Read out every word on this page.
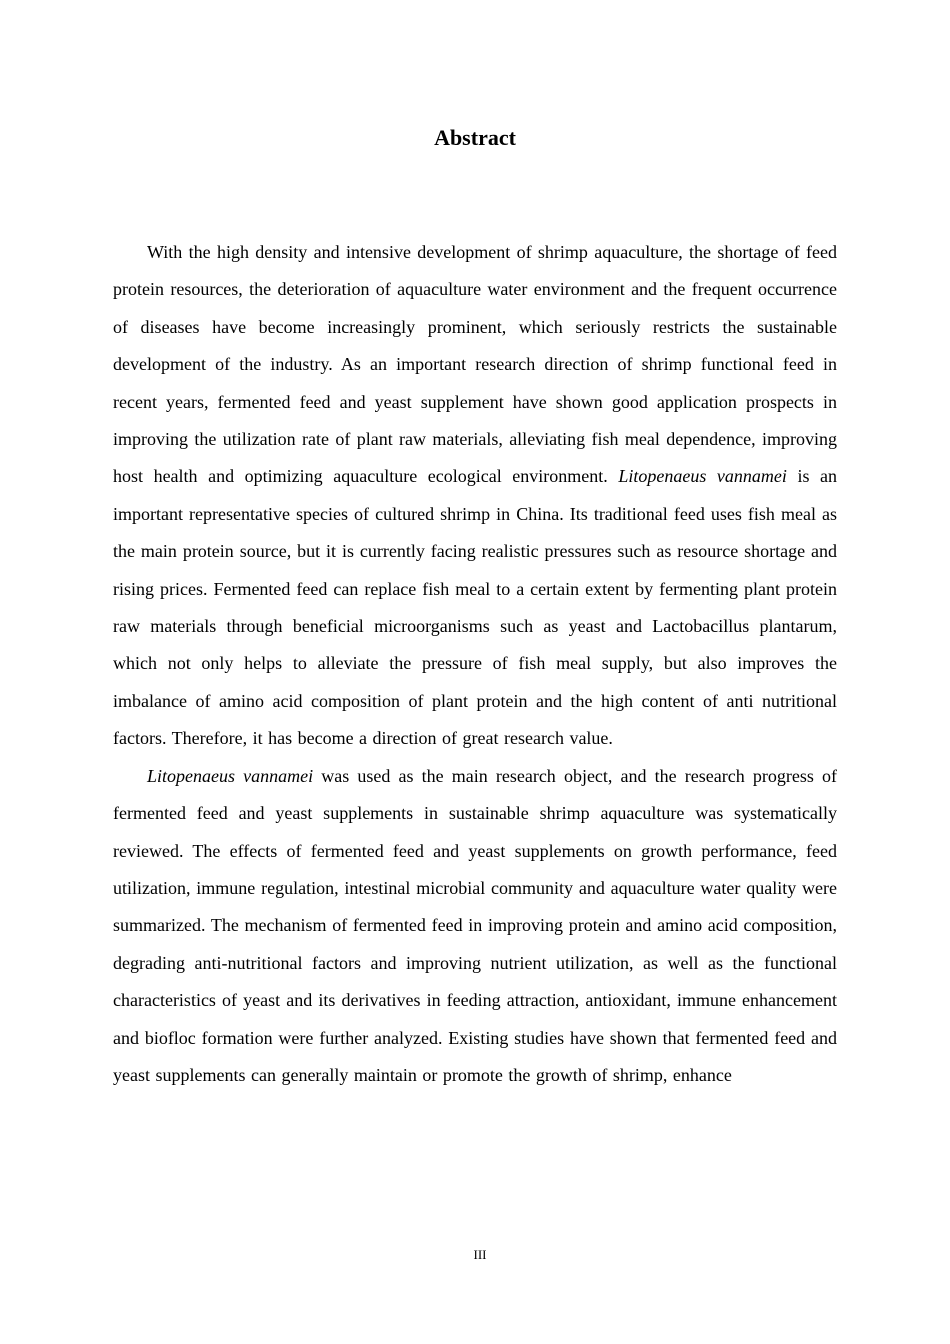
Abstract

With the high density and intensive development of shrimp aquaculture, the shortage of feed protein resources, the deterioration of aquaculture water environment and the frequent occurrence of diseases have become increasingly prominent, which seriously restricts the sustainable development of the industry. As an important research direction of shrimp functional feed in recent years, fermented feed and yeast supplement have shown good application prospects in improving the utilization rate of plant raw materials, alleviating fish meal dependence, improving host health and optimizing aquaculture ecological environment. Litopenaeus vannamei is an important representative species of cultured shrimp in China. Its traditional feed uses fish meal as the main protein source, but it is currently facing realistic pressures such as resource shortage and rising prices. Fermented feed can replace fish meal to a certain extent by fermenting plant protein raw materials through beneficial microorganisms such as yeast and Lactobacillus plantarum, which not only helps to alleviate the pressure of fish meal supply, but also improves the imbalance of amino acid composition of plant protein and the high content of anti nutritional factors. Therefore, it has become a direction of great research value.

Litopenaeus vannamei was used as the main research object, and the research progress of fermented feed and yeast supplements in sustainable shrimp aquaculture was systematically reviewed. The effects of fermented feed and yeast supplements on growth performance, feed utilization, immune regulation, intestinal microbial community and aquaculture water quality were summarized. The mechanism of fermented feed in improving protein and amino acid composition, degrading anti-nutritional factors and improving nutrient utilization, as well as the functional characteristics of yeast and its derivatives in feeding attraction, antioxidant, immune enhancement and biofloc formation were further analyzed. Existing studies have shown that fermented feed and yeast supplements can generally maintain or promote the growth of shrimp, enhance

III
